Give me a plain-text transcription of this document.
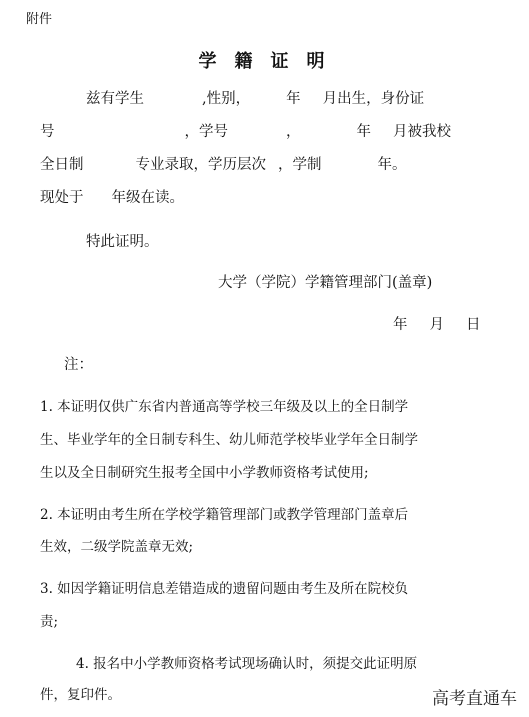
附件
学籍证明
兹有学生	,性别， 年 月出生，身份证
号	，学号	，	年 月被我校
全日制	专业录取，学历层次 ，学制	年。
现处于 年级在读。
特此证明。
大学（学院）学籍管理部门(盖章)
年 月 日
注：
1. 本证明仅供广东省内普通高等学校三年级及以上的全日制学
生、毕业学年的全日制专科生、幼儿师范学校毕业学年全日制学
生以及全日制研究生报考全国中小学教师资格考试使用;
2. 本证明由考生所在学校学籍管理部门或教学管理部门盖章后
生效，二级学院盖章无效;
3. 如因学籍证明信息差错造成的遗留问题由考生及所在院校负
责;
4. 报名中小学教师资格考试现场确认时，须提交此证明原
件，复印件。	高考直通车
